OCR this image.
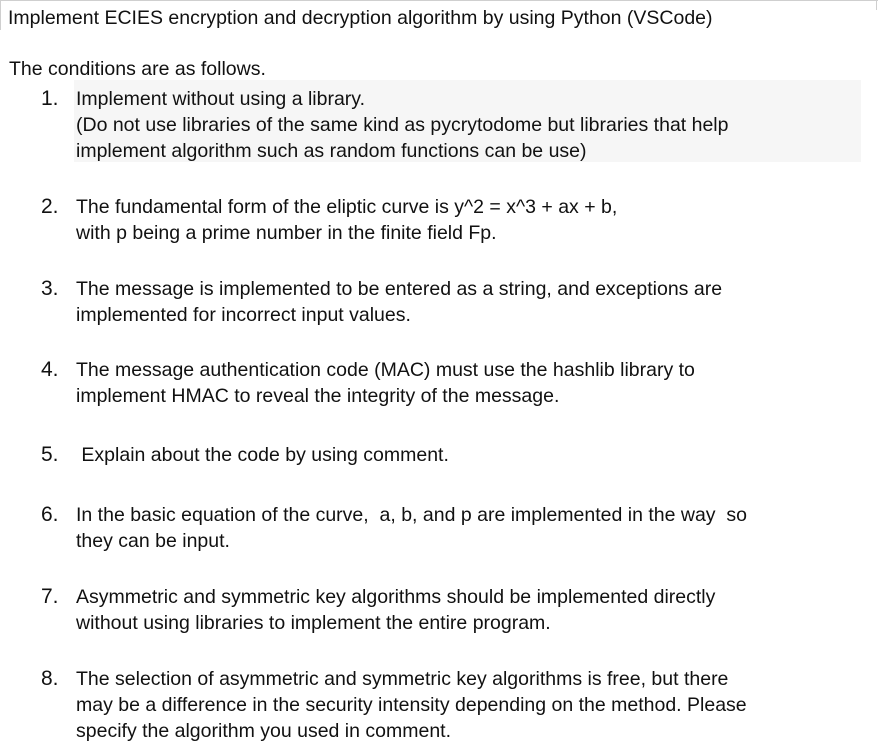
Implement ECIES encryption and decryption algorithm by using Python (VSCode)
The conditions are as follows.
1. Implement without using a library.
(Do not use libraries of the same kind as pycrytodome but libraries that help
implement algorithm such as random functions can be use)
2. The fundamental form of the eliptic curve is y^2 = x^3 + ax + b,
with p being a prime number in the finite field Fp.
3. The message is implemented to be entered as a string, and exceptions are
implemented for incorrect input values.
4. The message authentication code (MAC) must use the hashlib library to
implement HMAC to reveal the integrity of the message.
5. Explain about the code by using comment.
6. In the basic equation of the curve,  a, b, and p are implemented in the way  so
they can be input.
7. Asymmetric and symmetric key algorithms should be implemented directly
without using libraries to implement the entire program.
8. The selection of asymmetric and symmetric key algorithms is free, but there
may be a difference in the security intensity depending on the method. Please
specify the algorithm you used in comment.
